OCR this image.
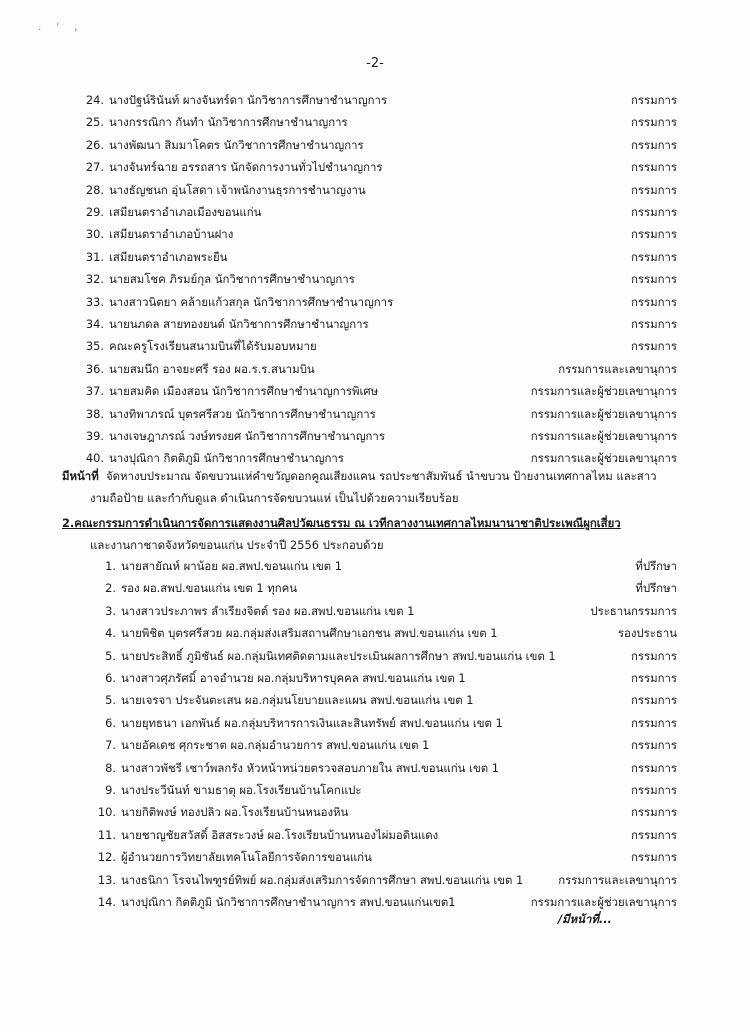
. ' ,
-2-
24. นางปัฐน์รินันท์ ผางจันทร์ดา นักวิชาการศึกษาชำนาญการ	กรรมการ
25. นางกรรณิกา กันทำ นักวิชาการศึกษาชำนาญการ	กรรมการ
26. นางพัฒนา สิมมาโคตร นักวิชาการศึกษาชำนาญการ	กรรมการ
27. นางจันทร์ฉาย อรรถสาร นักจัดการงานทั่วไปชำนาญการ	กรรมการ
28. นางธัญชนก อุ่นโสดา เจ้าพนักงานธุรการชำนาญงาน	กรรมการ
29. เสมียนตราอำเภอเมืองขอนแก่น	กรรมการ
30. เสมียนตราอำเภอบ้านฝาง	กรรมการ
31. เสมียนตราอำเภอพระยืน	กรรมการ
32. นายสมโชค ภิรมย์กุล นักวิชาการศึกษาชำนาญการ	กรรมการ
33. นางสาวนิตยา คล้ายแก้วสกุล นักวิชาการศึกษาชำนาญการ	กรรมการ
34. นายนภดล สายทองยนต์ นักวิชาการศึกษาชำนาญการ	กรรมการ
35. คณะครูโรงเรียนสนามบินที่ได้รับมอบหมาย	กรรมการ
36. นายสมนึก อาจยะศรี รอง ผอ.ร.ร.สนามบิน	กรรมการและเลขานุการ
37. นายสมคิด เมืองสอน นักวิชาการศึกษาชำนาญการพิเศษ	กรรมการและผู้ช่วยเลขานุการ
38. นางทิพาภรณ์ บุตรศรีสวย นักวิชาการศึกษาชำนาญการ	กรรมการและผู้ช่วยเลขานุการ
39. นางเจษฎาภรณ์ วงษ์ทรงยศ นักวิชาการศึกษาชำนาญการ	กรรมการและผู้ช่วยเลขานุการ
40. นางปุณิกา กิตติภูมิ นักวิชาการศึกษาชำนาญการ	กรรมการและผู้ช่วยเลขานุการ
มีหน้าที่ จัดหางบประมาณ จัดขบวนแห่คำขวัญดอกคูณเสียงแคน รถประชาสัมพันธ์ นำขบวน ป้ายงานเทศกาลไหม และสาว
งามถือป้าย และกำกับดูแล ดำเนินการจัดขบวนแห่ เป็นไปด้วยความเรียบร้อย
2.คณะกรรมการดำเนินการจัดการแสดงงานศิลปวัฒนธรรม ณ เวทีกลางงานเทศกาลไหมนานาชาติประเพณีผูกเสี่ยว
และงานกาชาดจังหวัดขอนแก่น ประจำปี 2556 ประกอบด้วย
1. นายสายัณห์ ผาน้อย ผอ.สพป.ขอนแก่น เขต 1	ที่ปรึกษา
2. รอง ผอ.สพป.ขอนแก่น เขต 1 ทุกคน	ที่ปรึกษา
3. นางสาวประภาพร ลำเรียงจิตต์ รอง ผอ.สพป.ขอนแก่น เขต 1	ประธานกรรมการ
4. นายพิชิต บุตรศรีสวย ผอ.กลุ่มส่งเสริมสถานศึกษาเอกชน สพป.ขอนแก่น เขต 1	รองประธาน
5. นายประสิทธิ์ ภูมิชันธ์ ผอ.กลุ่มนิเทศติดตามและประเมินผลการศึกษา สพป.ขอนแก่น เขต 1	กรรมการ
6. นางสาวศุภรัศมิ์ อาจอำนวย ผอ.กลุ่มบริหารบุคคล สพป.ขอนแก่น เขต 1	กรรมการ
5. นายเจรจา ประจันตะเสน ผอ.กลุ่มนโยบายและแผน สพป.ขอนแก่น เขต 1	กรรมการ
6. นายยุทธนา เอกพันธ์ ผอ.กลุ่มบริหารการเงินและสินทรัพย์ สพป.ขอนแก่น เขต 1	กรรมการ
7. นายอัคเดช ศุกระชาต ผอ.กลุ่มอำนวยการ สพป.ขอนแก่น เขต 1	กรรมการ
8. นางสาวพัชรี เชาว์พลกรัง หัวหน้าหน่วยตรวจสอบภายใน สพป.ขอนแก่น เขต 1	กรรมการ
9. นางประวีนันท์ ขามธาตุ ผอ.โรงเรียนบ้านโคกแปะ	กรรมการ
10. นายกิติพงษ์ ทองปลิว ผอ.โรงเรียนบ้านหนองหิน	กรรมการ
11. นายชาญชัยสวัสดิ์ อิสสระวงษ์ ผอ.โรงเรียนบ้านหนองไผ่มอดินแดง	กรรมการ
12. ผู้อำนวยการวิทยาลัยเทคโนโลยีการจัดการขอนแก่น	กรรมการ
13. นางธนิกา โรจนไพฑูรย์ทิพย์ ผอ.กลุ่มส่งเสริมการจัดการศึกษา สพป.ขอนแก่น เขต 1	กรรมการและเลขานุการ
14. นางปุณิกา กิตติภูมิ นักวิชาการศึกษาชำนาญการ สพป.ขอนแก่นเขต1	กรรมการและผู้ช่วยเลขานุการ
/มีหน้าที่...
